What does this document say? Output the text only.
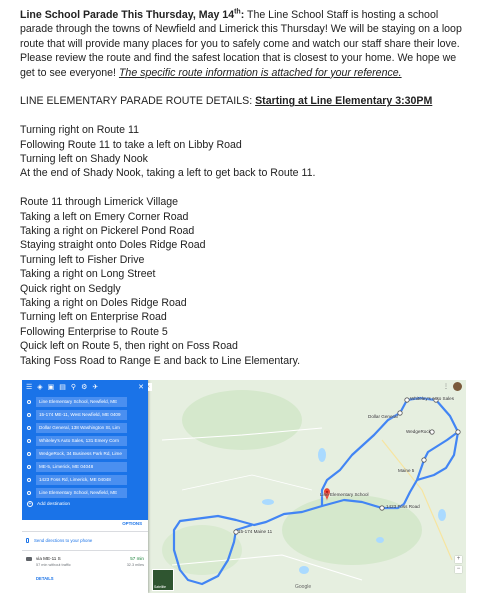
Line School Parade This Thursday, May 14th: The Line School Staff is hosting a school parade through the towns of Newfield and Limerick this Thursday! We will be staying on a loop route that will provide many places for you to safely come and watch our staff share their love. Please review the route and find the safest location that is closest to your home. We hope we get to see everyone! The specific route information is attached for your reference.

LINE ELEMENTARY PARADE ROUTE DETAILS: Starting at Line Elementary 3:30PM

Turning right on Route 11
Following Route 11 to take a left on Libby Road
Turning left on Shady Nook
At the end of Shady Nook, taking a left to get back to Route 11.
Route 11 through Limerick Village
Taking a left on Emery Corner Road
Taking a right on Pickerel Pond Road
Staying straight onto Doles Ridge Road
Turning left to Fisher Drive
Taking a right on Long Street
Quick right on Sedgly
Taking a right on Doles Ridge Road
Turning left on Enterprise Road
Following Enterprise to Route 5
Quick left on Route 5, then right on Foss Road
Taking Foss Road to Range E and back to Line Elementary.
Whiteley's Auto Sales
Dollar General
WedgeRock
Maine 5
Line Elementary School
1423 Foss Road
15-174 Maine 11
⋮
+
−
Satellite	Google
‹
☰ ◈ ▣ ▤ ⚲ ⚙ ✈	✕
Line Elementary School, Newfield, ME
15-174 ME-11, West Newfield, ME 0409
Dollar General, 138 Washington St, Lim
Whiteley's Auto Sales, 131 Emery Corn
WedgeRock, 34 Business Park Rd, Lime
ME-5, Limerick, ME 04048
1423 Foss Rd, Limerick, ME 04048
Line Elementary School, Newfield, ME
+	Add destination
OPTIONS
Send directions to your phone
via ME-11 S	57 min
57 min without traffic	32.3 miles
DETAILS
